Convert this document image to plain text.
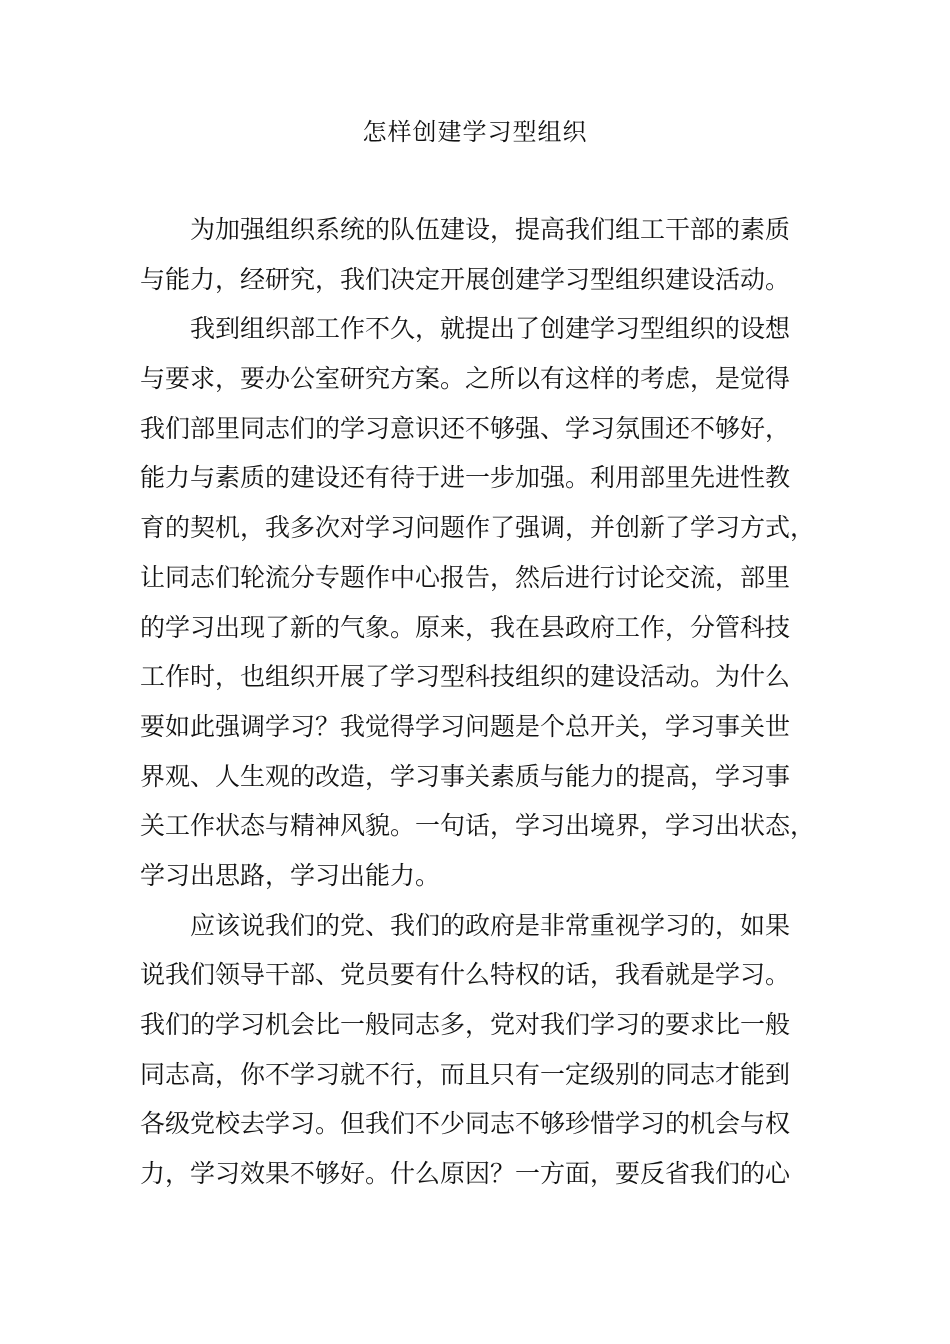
怎样创建学习型组织
为加强组织系统的队伍建设，提高我们组工干部的素质
与能力，经研究，我们决定开展创建学习型组织建设活动。
我到组织部工作不久，就提出了创建学习型组织的设想
与要求，要办公室研究方案。之所以有这样的考虑，是觉得
我们部里同志们的学习意识还不够强、学习氛围还不够好，
能力与素质的建设还有待于进一步加强。利用部里先进性教
育的契机，我多次对学习问题作了强调，并创新了学习方式，
让同志们轮流分专题作中心报告，然后进行讨论交流，部里
的学习出现了新的气象。原来，我在县政府工作，分管科技
工作时，也组织开展了学习型科技组织的建设活动。为什么
要如此强调学习？我觉得学习问题是个总开关，学习事关世
界观、人生观的改造，学习事关素质与能力的提高，学习事
关工作状态与精神风貌。一句话，学习出境界，学习出状态，
学习出思路，学习出能力。
应该说我们的党、我们的政府是非常重视学习的，如果
说我们领导干部、党员要有什么特权的话，我看就是学习。
我们的学习机会比一般同志多，党对我们学习的要求比一般
同志高，你不学习就不行，而且只有一定级别的同志才能到
各级党校去学习。但我们不少同志不够珍惜学习的机会与权
力，学习效果不够好。什么原因？一方面，要反省我们的心
